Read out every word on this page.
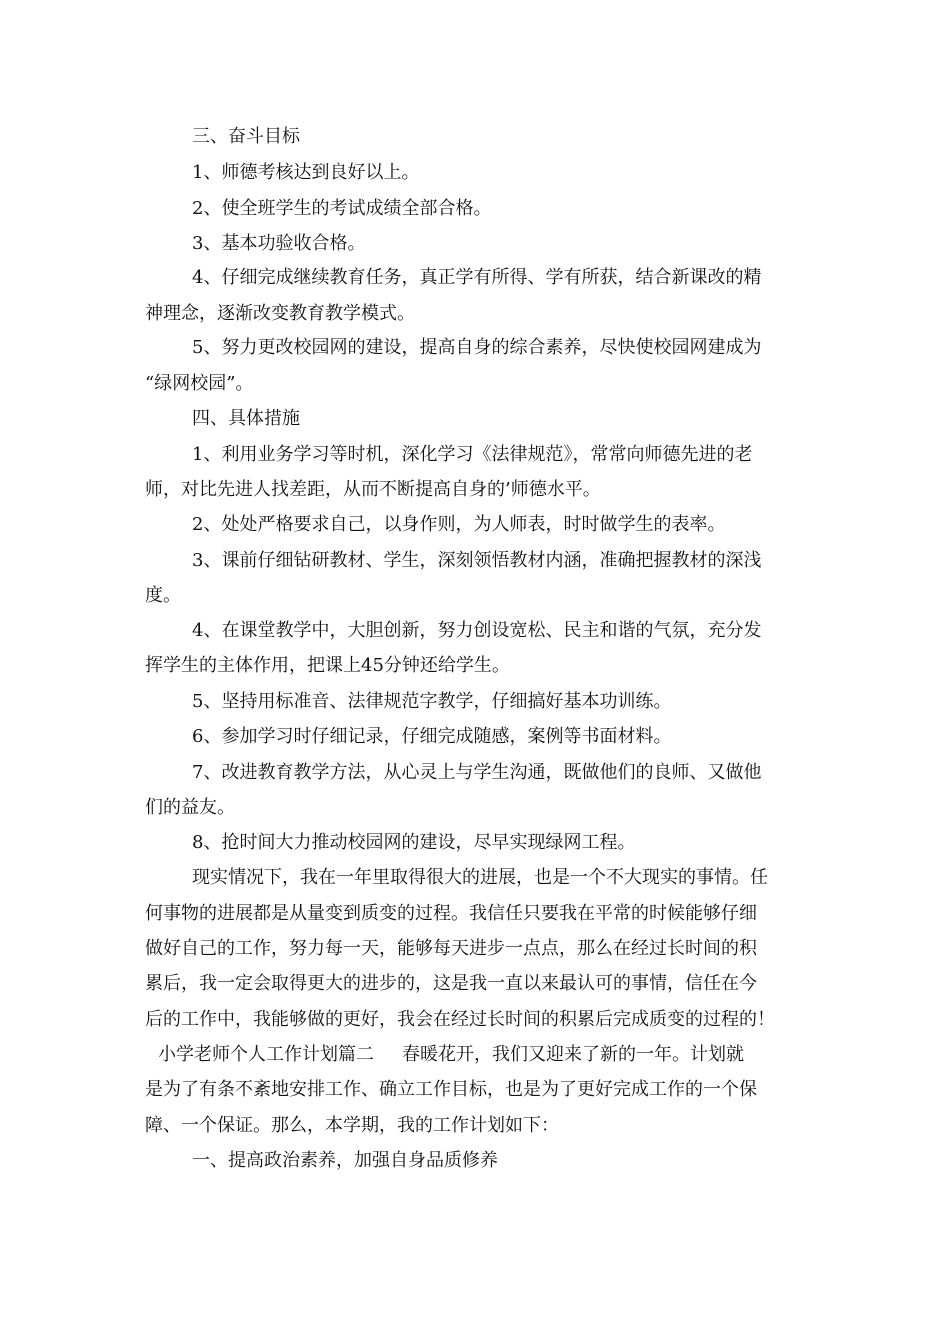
三、奋斗目标
1、师德考核达到良好以上。
2、使全班学生的考试成绩全部合格。
3、基本功验收合格。
4、仔细完成继续教育任务，真正学有所得、学有所获，结合新课改的精
神理念，逐渐改变教育教学模式。
5、努力更改校园网的建设，提高自身的综合素养，尽快使校园网建成为
“绿网校园”。
四、具体措施
1、利用业务学习等时机，深化学习《法律规范》，常常向师德先进的老
师，对比先进人找差距，从而不断提高自身的’师德水平。
2、处处严格要求自己，以身作则，为人师表，时时做学生的表率。
3、课前仔细钻研教材、学生，深刻领悟教材内涵，准确把握教材的深浅
度。
4、在课堂教学中，大胆创新，努力创设宽松、民主和谐的气氛，充分发
挥学生的主体作用，把课上45分钟还给学生。
5、坚持用标准音、法律规范字教学，仔细搞好基本功训练。
6、参加学习时仔细记录，仔细完成随感，案例等书面材料。
7、改进教育教学方法，从心灵上与学生沟通，既做他们的良师、又做他
们的益友。
8、抢时间大力推动校园网的建设，尽早实现绿网工程。
现实情况下，我在一年里取得很大的进展，也是一个不大现实的事情。任
何事物的进展都是从量变到质变的过程。我信任只要我在平常的时候能够仔细
做好自己的工作，努力每一天，能够每天进步一点点，那么在经过长时间的积
累后，我一定会取得更大的进步的，这是我一直以来最认可的事情，信任在今
后的工作中，我能够做的更好，我会在经过长时间的积累后完成质变的过程的！
小学老师个人工作计划篇二 春暖花开，我们又迎来了新的一年。计划就
是为了有条不紊地安排工作、确立工作目标，也是为了更好完成工作的一个保
障、一个保证。那么，本学期，我的工作计划如下：
一、提高政治素养，加强自身品质修养
